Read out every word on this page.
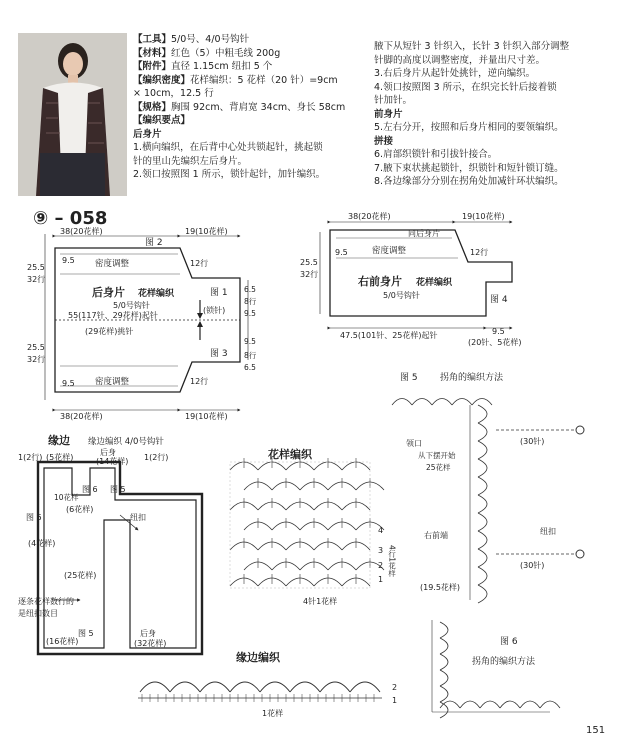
【工具】5/0号、4/0号钩针
【材料】红色（5）中粗毛线 200g
【附件】直径 1.15cm 纽扣 5 个
【编织密度】花样编织：5 花样（20 针）=9cm
× 10cm，12.5 行
【规格】胸围 92cm、背肩宽 34cm、身长 58cm
【编织要点】
后身片
1.横向编织，在后背中心处共锁起针，挑起锁
针的里山先编织左后身片。
2.领口按照图 1 所示，锁针起针，加针编织。
腋下从短针 3 针织入，长针 3 针织入部分调整
针脚的高度以调整密度，并量出尺寸差。
3.右后身片从起针处挑针，逆向编织。
4.领口按照图 3 所示，在织完长针后接着锁
针加针。
前身片
5.左右分开，按照和后身片相同的要领编织。
拼接
6.肩部织锁针和引拔针接合。
7.腋下束状挑起锁针，织锁针和短针锁订缝。
8.各边缘部分分别在拐角处加减针环状编织。
⑨ – 058
38(20花样)	19(10花样)
图 2
密度调整
后身片 花样编织
5/0号钩针
(锁针)
图 1
图 3
55(117针、29花样)起针
(29花样)挑针
密度调整
38(20花样)	19(10花样)
25.5
32行
25.5
32行
9.5
9.5
12行
12行
6.5
8行
9.5
9.5
8行
6.5
38(20花样)	19(10花样)
同后身片
密度调整
右前身片 花样编织
5/0号钩针	图 4
47.5(101针、25花样)起针	9.5
(20针、5花样)
25.5
32行
12行
9.5
缘边 缘边编织 4/0号钩针
后身
(14花样)
1(2行)	1(2行)
(5花样)
(6花样)
图 6 图 5
图 6
10花样
(4花样)
(25花样)
逐条花样数行的
是纽扣数目
纽扣
图 5
(16花样)
后身
(32花样)
花样编织
4
3
2
1
4行1花样
4针1花样
缘边编织
2
1
1花样
图 5 拐角的编织方法
领口
从下摆开始
25花样
(30针)
纽扣
(30针)
右前端
(19.5花样)
图 6
拐角的编织方法
151
